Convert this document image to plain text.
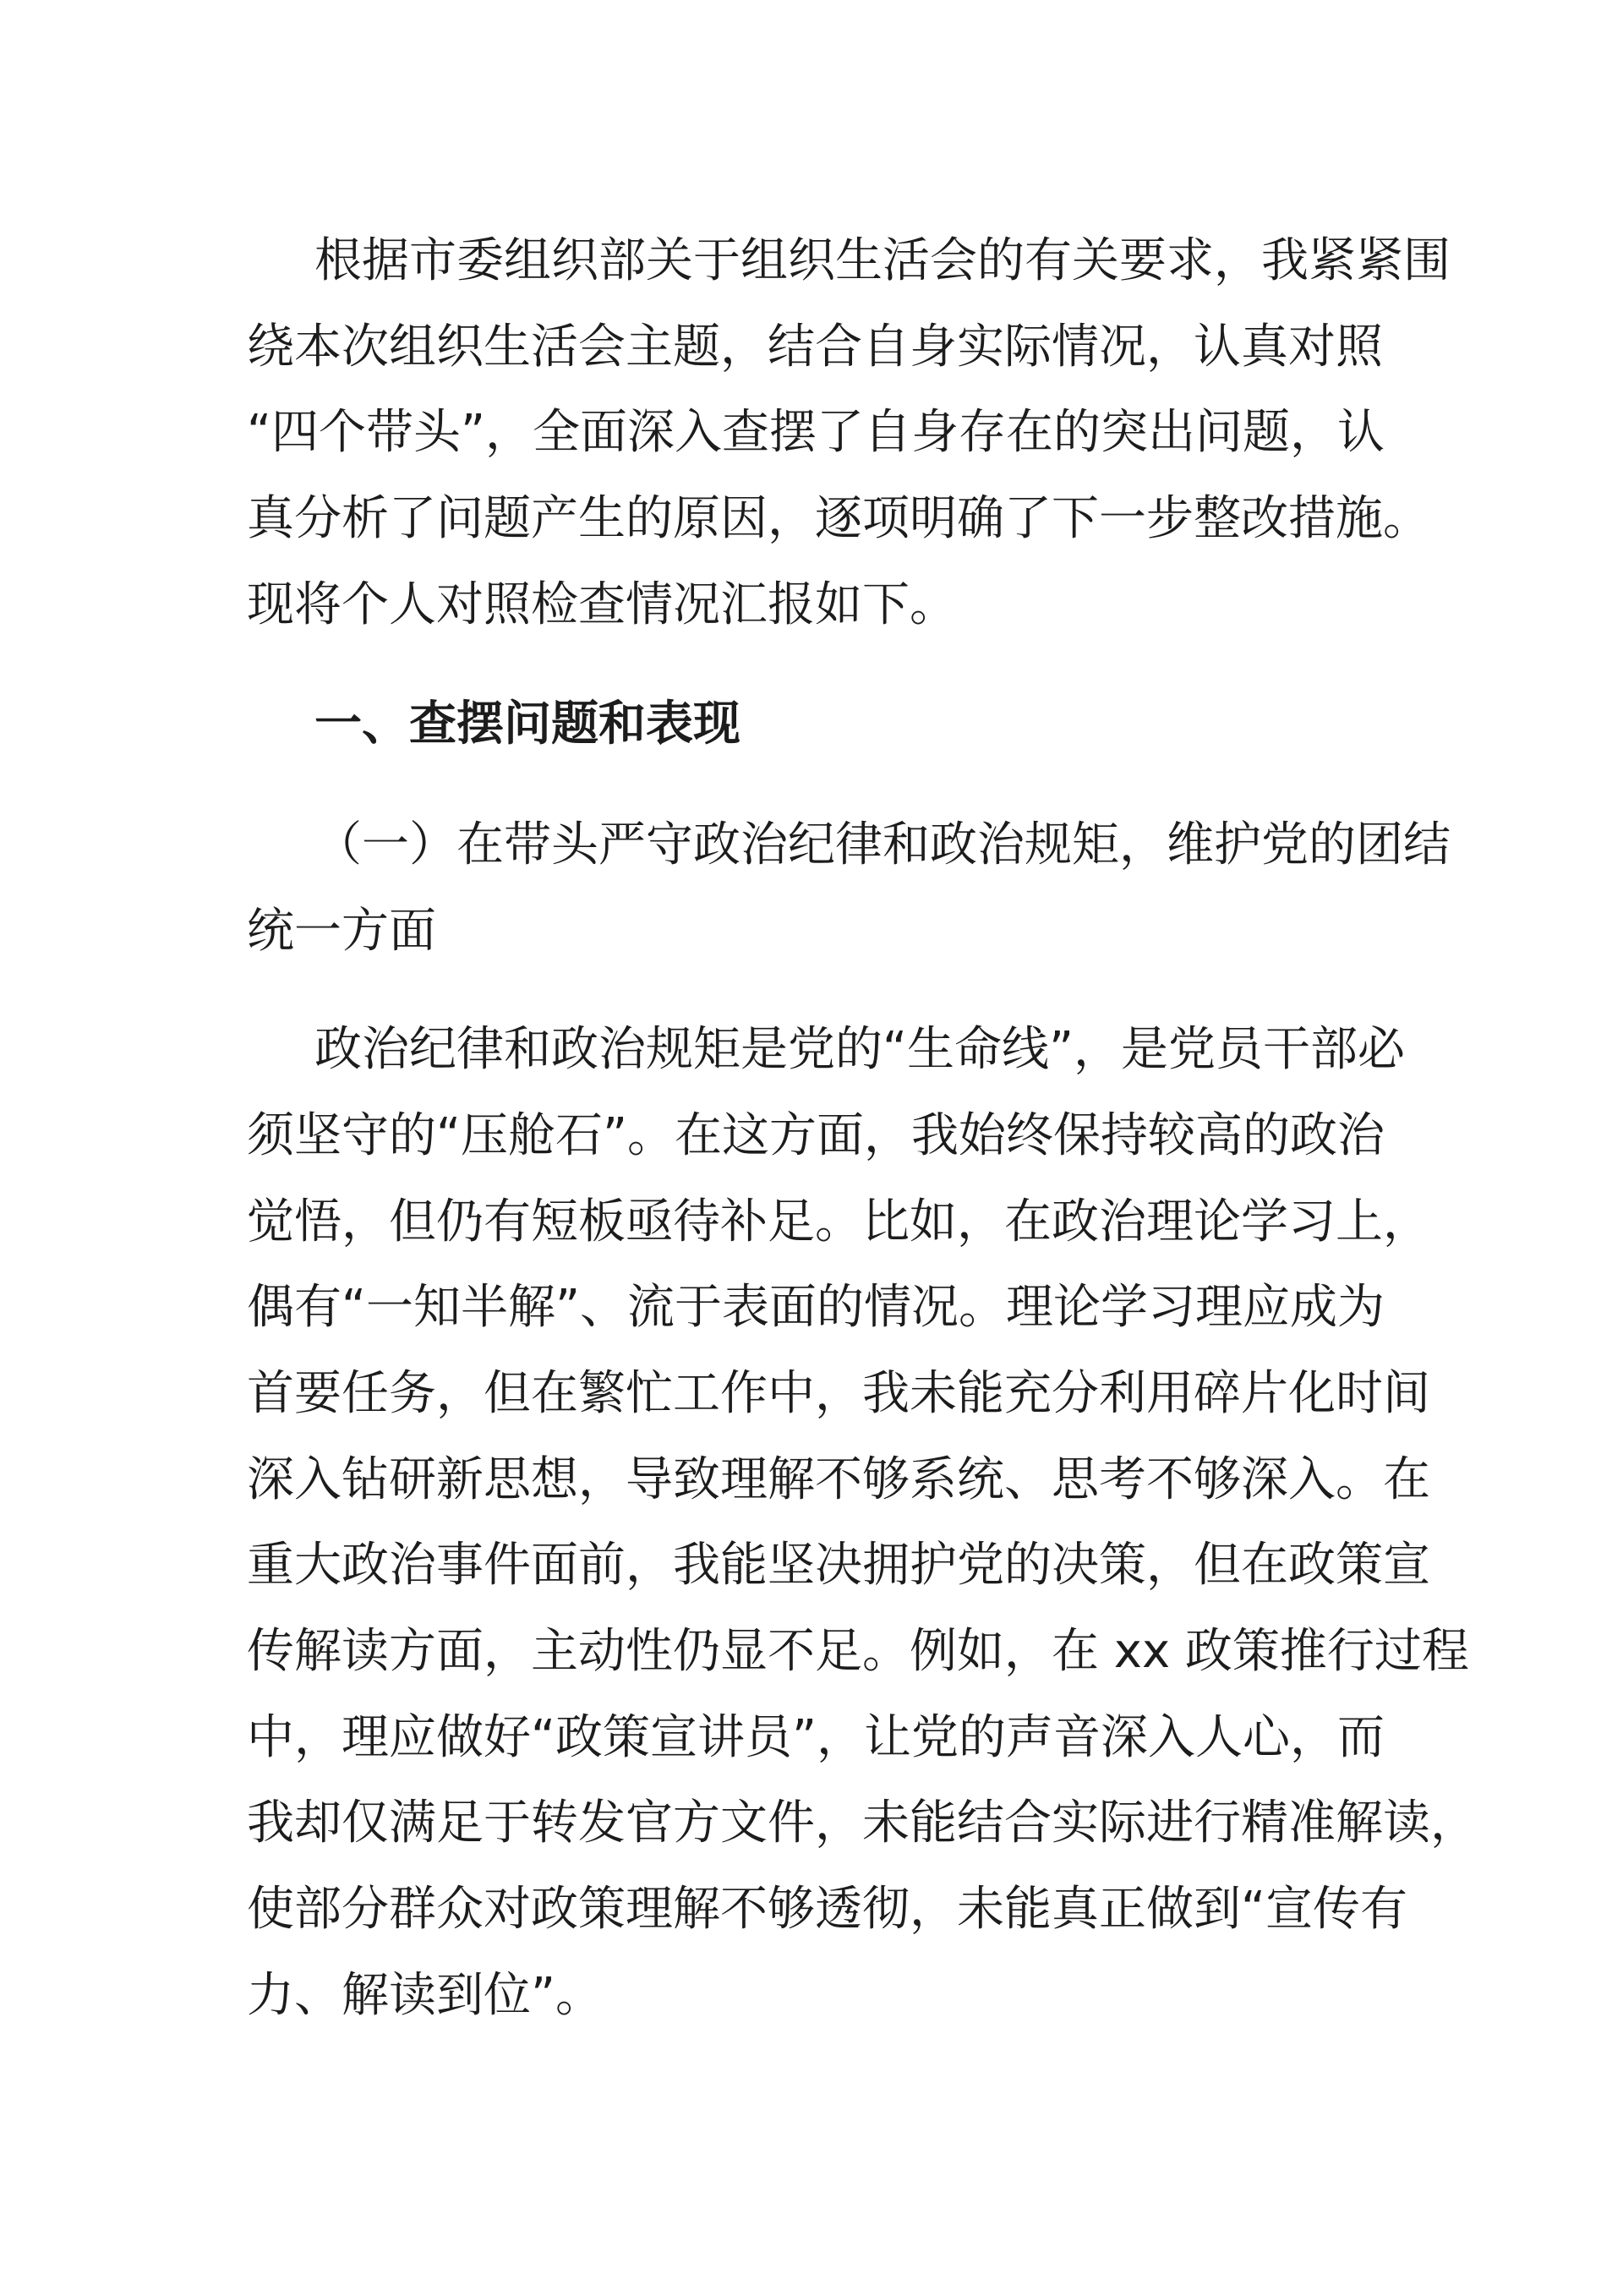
根据市委组织部关于组织生活会的有关要求，我紧紧围
绕本次组织生活会主题，结合自身实际情况，认真对照
“四个带头”，全面深入查摆了自身存在的突出问题，认
真分析了问题产生的原因，逐项明确了下一步整改措施。
现将个人对照检查情况汇报如下。
一、查摆问题和表现
（一）在带头严守政治纪律和政治规矩，维护党的团结
统一方面
政治纪律和政治规矩是党的“生命线”，是党员干部必
须坚守的“压舱石”。在这方面，我始终保持较高的政治
觉悟，但仍有短板亟待补足。比如，在政治理论学习上，
偶有“一知半解”、流于表面的情况。理论学习理应成为
首要任务，但在繁忙工作中，我未能充分利用碎片化时间
深入钻研新思想，导致理解不够系统、思考不够深入。在
重大政治事件面前，我能坚决拥护党的决策，但在政策宣
传解读方面，主动性仍显不足。例如，在 xx 政策推行过程
中，理应做好“政策宣讲员”，让党的声音深入人心，而
我却仅满足于转发官方文件，未能结合实际进行精准解读，
使部分群众对政策理解不够透彻，未能真正做到“宣传有
力、解读到位”。
